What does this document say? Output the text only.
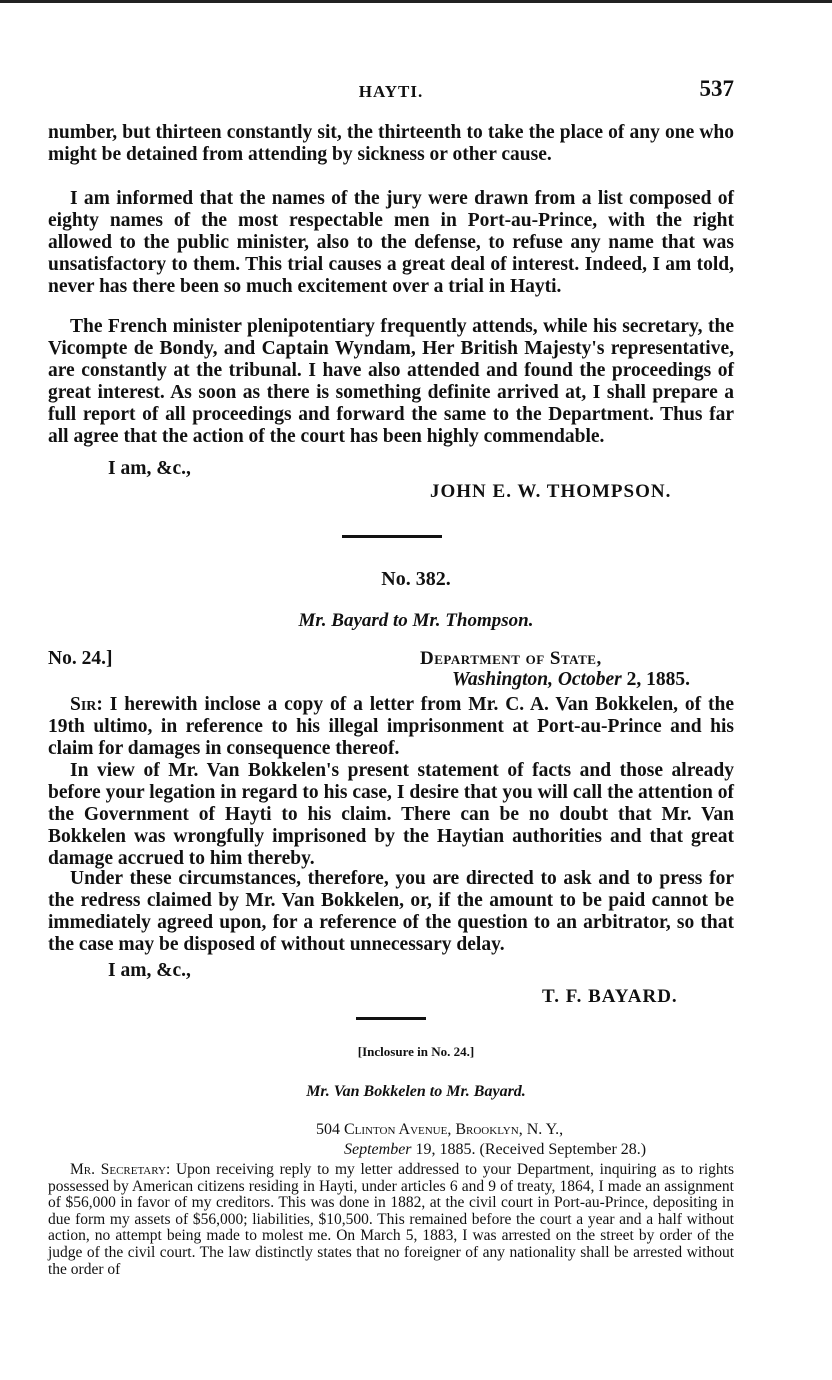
HAYTI.	537

number, but thirteen constantly sit, the thirteenth to take the place of any one who might be detained from attending by sickness or other cause.

I am informed that the names of the jury were drawn from a list composed of eighty names of the most respectable men in Port-au-Prince, with the right allowed to the public minister, also to the defense, to refuse any name that was unsatisfactory to them. This trial causes a great deal of interest. Indeed, I am told, never has there been so much excitement over a trial in Hayti.

The French minister plenipotentiary frequently attends, while his secretary, the Vicompte de Bondy, and Captain Wyndam, Her British Majesty's representative, are constantly at the tribunal. I have also attended and found the proceedings of great interest. As soon as there is something definite arrived at, I shall prepare a full report of all proceedings and forward the same to the Department. Thus far all agree that the action of the court has been highly commendable.

I am, &c.,
JOHN E. W. THOMPSON.
No. 382.
Mr. Bayard to Mr. Thompson.
No. 24.]	Department of State,
Washington, October 2, 1885.

Sir: I herewith inclose a copy of a letter from Mr. C. A. Van Bokkelen, of the 19th ultimo, in reference to his illegal imprisonment at Port-au-Prince and his claim for damages in consequence thereof.

In view of Mr. Van Bokkelen's present statement of facts and those already before your legation in regard to his case, I desire that you will call the attention of the Government of Hayti to his claim. There can be no doubt that Mr. Van Bokkelen was wrongfully imprisoned by the Haytian authorities and that great damage accrued to him thereby.

Under these circumstances, therefore, you are directed to ask and to press for the redress claimed by Mr. Van Bokkelen, or, if the amount to be paid cannot be immediately agreed upon, for a reference of the question to an arbitrator, so that the case may be disposed of without unnecessary delay.

I am, &c.,
T. F. BAYARD.
[Inclosure in No. 24.]
Mr. Van Bokkelen to Mr. Bayard.
504 Clinton Avenue, Brooklyn, N. Y.,
September 19, 1885. (Received September 28.)

Mr. Secretary: Upon receiving reply to my letter addressed to your Department, inquiring as to rights possessed by American citizens residing in Hayti, under articles 6 and 9 of treaty, 1864, I made an assignment of $56,000 in favor of my creditors. This was done in 1882, at the civil court in Port-au-Prince, depositing in due form my assets of $56,000; liabilities, $10,500. This remained before the court a year and a half without action, no attempt being made to molest me. On March 5, 1883, I was arrested on the street by order of the judge of the civil court. The law distinctly states that no foreigner of any nationality shall be arrested without the order of
